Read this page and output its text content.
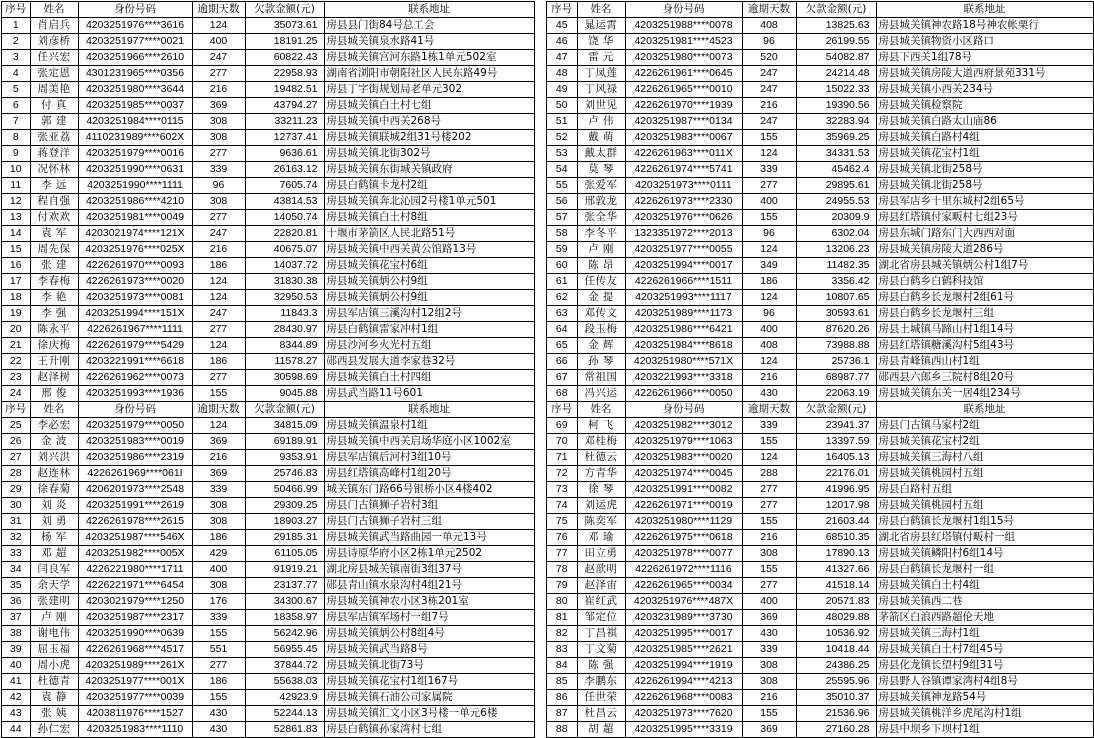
序号	姓名	身份号码	逾期天数	欠款金额(元)	联系地址
1	肖启兵	4203251976****3616	124	35073.61	房县县门街84号总工会
2	刘彦桥	4203251977****0021	400	18191.25	房县城关镇泉水路41号
3	任兴宏	4203251966****2610	247	60822.43	房县城关镇宫河东路1栋1单元502室
4	张定恩	4301231965****0356	277	22958.93	湖南省浏阳市朝阳社区人民东路49号
5	周美艳	4203251980****3644	216	19482.51	房县丁字街规划局老单元302
6	付 真	4203251985****0037	369	43794.27	房县城关镇白土村七组
7	郭 建	4203251984****0115	308	33211.23	房县城关镇中西关268号
8	张亚荔	4110231989****602X	308	12737.41	房县城关镇联城2组31号楼202
9	蒋登洋	4203251979****0016	277	9636.61	房县城关镇北街302号
10	况怀林	4203251990****0631	339	26163.12	房县城关镇东街城关镇政府
11	李 远	4203251990****1111	96	7605.74	房县白鹤镇卡龙村2组
12	程自强	4203251986****4210	308	43814.53	房县城关镇奔北沁园2号楼1单元501
13	付欢欢	4203251981****0049	277	14050.74	房县城关镇白土村8组
14	袁 军	4203021974****121X	247	22820.81	十堰市茅箭区人民北路51号
15	周先保	4203251976****025X	216	40675.07	房县城关镇中西关黄公馆路13号
16	张 建	4226261970****0093	186	14037.72	房县城关镇花宝村6组
17	李春梅	4226261973****0020	124	31830.38	房县城关镇炳公村9组
18	李 艳	4203251973****0081	124	32950.53	房县城关镇炳公村9组
19	李 强	4203251994****151X	247	11843.3	房县军店镇三溪沟村12组2号
20	陈永平	4226261967****1111	277	28430.97	房县白鹤镇雷家冲村1组
21	徐庆梅	4226261979****5429	124	8344.89	房县沙河乡火光村五组
22	王升刚	4203221991****6618	186	11578.27	郧西县发展大道李家巷32号
23	赵泽树	4226261962****0073	277	30598.69	房县城关镇白土村四组
24	邢 俊	4203251993****1936	155	9045.88	房县武当路11号601
序号	姓名	身份号码	逾期天数	欠款金额(元)	联系地址
25	李必宏	4203251979****0050	124	34815.09	房县城关镇温泉村1组
26	金 波	4203251983****0019	369	69189.91	房县城关镇中西关启场华庭小区1002室
27	刘兴洪	4203251986****2319	216	9353.91	房县军店镇后河村3组10号
28	赵连林	4226261969****061I	369	25746.83	房县红塔镇高峰村1组20号
29	徐春菊	4206201973****2548	339	50466.99	城关镇东门路66号银桥小区4楼402
30	刘 炎	4203251991****2619	308	29309.25	房县门古镇狮子岩村3组
31	刘 勇	4226261978****2615	308	18903.27	房县门古镇狮子岩村三组
32	杨 军	4203251987****546X	186	29185.31	房县城关镇武当路曲园一单元13号
33	邓 超	4203251982****005X	429	61105.05	房县诗原华府小区2栋1单元2502
34	闫良军	4226221980****1711	400	91919.21	湖北房县城关镇南街3组37号
35	余天学	4226221971****6454	308	23137.77	郧县青山镇水泉沟村4组21号
36	张建明	4203021979****1250	176	34300.67	房县城关镇神农小区3栋201室
37	卢 刚	4203251987****2317	339	18358.97	房县军店镇军场村一组7号
38	谢电伟	4203251990****0639	155	56242.96	房县城关镇炳公村8组4号
39	屈玉福	4226261968****4517	551	56955.45	房县城关镇武当路8号
40	周小虎	4203251989****261X	277	37844.72	房县城关镇北街73号
41	杜德青	4203251977****001X	186	55638.03	房县城关镇花宝村1组167号
42	袁 静	4203251977****0039	155	42923.9	房县城关镇石油公司家属院
43	张 姨	4203811976****1527	430	52244.13	房县城关镇汇文小区3号楼一单元6楼
44	孙仁宏	4203251983****1110	430	52861.83	房县白鹤镇孙家湾村七组
序号	姓名	身份号码	逾期天数	欠款金额(元)	联系地址
45	晁运霄	4203251988****0078	408	13825.63	房县城关镇神农路18号神农帐栗行
46	饶 华	4203251981****4523	96	26199.55	房县城关镇物资小区路口
47	雷 元	4203251980****0073	520	54082.87	房县下西关1组78号
48	丁凤莲	4226261961****0645	247	24214.48	房县城关镇房陵大道西府景苑331号
49	丁风禄	4226261965****0010	247	15022.33	房县城关镇小西关234号
50	刘世见	4226261970****1939	216	19390.56	房县城关镇检察院
51	卢 伟	4203251987****0134	247	32283.94	房县城关镇白路太山庙86
52	戴 萌	4203251983****0067	155	35969.25	房县城关镇白路村4组
53	戴太群	4226261963****011X	124	34331.53	房县城关镇花宝村1组
54	莫 琴	4226261974****5741	339	45462.4	房县城关镇北街258号
55	张爱军	4203251973****0111	277	29895.61	房县城关镇北街258号
56	邢敦龙	4226261973****2330	400	24955.53	房县军店乡十里东城村2组65号
57	张全华	4203251976****0626	155	20309.9	房县红塔镇付家畈村七组23号
58	李冬平	1323351972****2013	96	6302.04	房县东城门路东门大西西对面
59	卢 刚	4203251977****0055	124	13206.23	房县城关镇房陵大道286号
60	陈 昂	4203251994****0017	349	11482.35	湖北省房县城关镇炳公村1组7号
61	任传友	4226261966****1511	186	3356.42	房县白鹤乡白鹤科技馆
62	金 提	4203251993****1117	124	10807.65	房县白鹤乡长龙堰村2组61号
63	邓传文	4203251989****1173	96	30593.61	房县白鹤乡长龙堰村三组
64	段玉梅	4203251986****6421	400	87620.26	房县土城镇马蹄山村1组14号
65	金 辉	4203251984****8618	408	73988.88	房县红塔镇糖溪沟村5组43号
66	孙 琴	4203251980****571X	124	25736.1	房县青峰镇西山村1组
67	常祖国	4203221993****3318	216	68987.77	郧西县六郎乡三院村8组20号
68	冯兴运	4226261966****0050	430	22063.19	房县城关镇东关一居4组234号
序号	姓名	身份号码	逾期天数	欠款金额(元)	联系地址
69	柯 飞	4203251982****3012	339	23941.37	房县门古镇马家村2组
70	邓桂梅	4203251979****1063	155	13397.59	房县城关镇花宝村2组
71	杜德云	4203251983****0020	124	16405.13	房县城关镇三海村八组
72	方青华	4203251974****0045	288	22176.01	房县城关镇桃园村五组
73	徐 琴	4203251991****0082	277	41996.95	房县白路村五组
74	刘运虎	4226261971****0019	277	12017.98	房县城关镇桃园村五组
75	陈奕军	4203251980****1129	155	21603.44	房县白鹤镇长龙堰村1组15号
76	邓 瑜	4226261975****0618	216	68510.35	湖北省房县红塔镇付畈村一组
77	田立勇	4203251978****0077	308	17890.13	房县城关镇鳞阳村6组14号
78	赵歆明	4226261972****1116	155	41327.66	房县白鹤镇长龙堰村一组
79	赵泽宙	4226261965****0034	277	41518.14	房县城关镇白土村4组
80	崔红武	4203251976****487X	400	20571.83	房县城关镇西二巷
81	邹定位	4203231989****3730	369	48029.88	茅箭区白浪西路超伦天地
82	丁昌祺	4203251995****0017	430	10536.92	房县城关镇三海村1组
83	丁文菊	4203251985****2621	339	10418.44	房县城关镇白土村7组45号
84	陈 强	4203251994****1919	308	24386.25	房县化龙镇长望村9组31号
85	李鹏东	4226261994****4213	308	25595.96	房县野人谷镇谭家湾村4组8号
86	任世荣	4226261968****0083	216	35010.37	房县城关镇神龙路54号
87	杜昌云	4203251973****7620	155	21536.96	房县城关镇桃洋乡虎尾沟村1组
88	胡 超	4203251995****3319	369	27160.28	房县中坝乡下坝村1组
